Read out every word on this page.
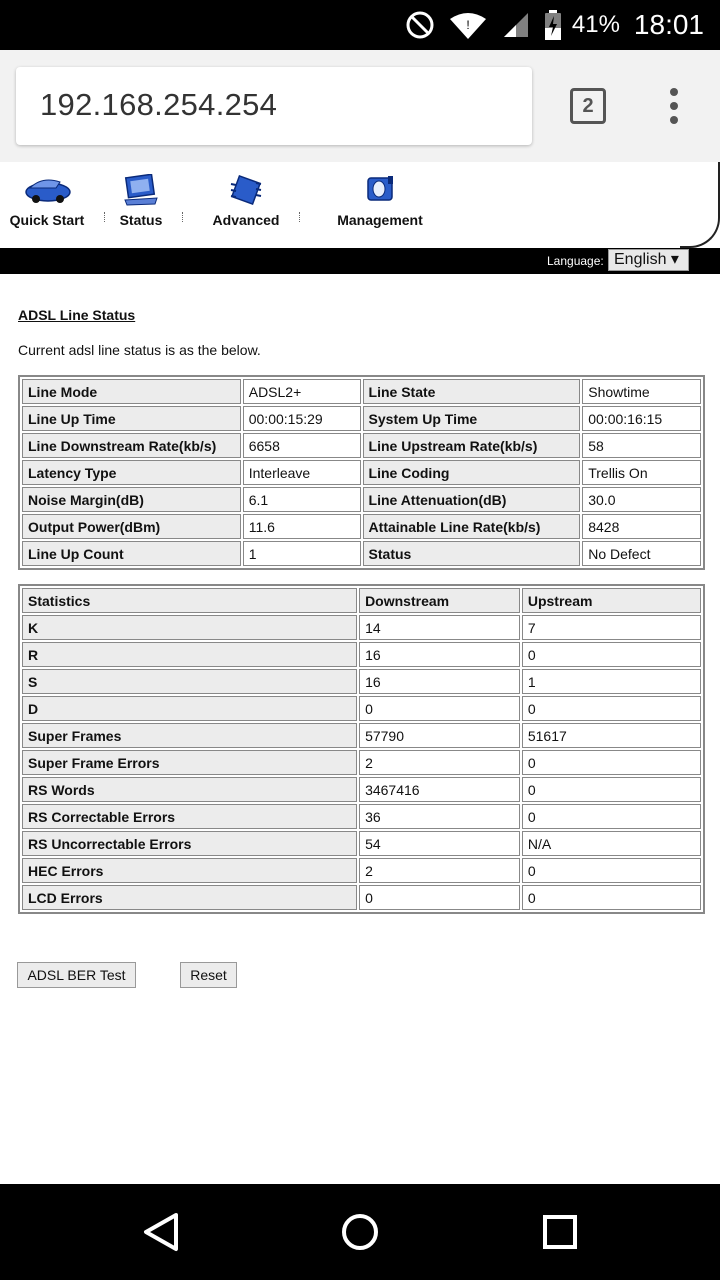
!	41% 18:01
192.168.254.254	2
Quick Start	Status	Advanced	Management
Language: English ▾
ADSL Line Status
Current adsl line status is as the below.
Line Mode	ADSL2+	Line State	Showtime
Line Up Time	00:00:15:29	System Up Time	00:00:16:15
Line Downstream Rate(kb/s)	6658	Line Upstream Rate(kb/s)	58
Latency Type	Interleave	Line Coding	Trellis On
Noise Margin(dB)	6.1	Line Attenuation(dB)	30.0
Output Power(dBm)	11.6	Attainable Line Rate(kb/s)	8428
Line Up Count	1	Status	No Defect
Statistics	Downstream	Upstream
K	14	7
R	16	0
S	16	1
D	0	0
Super Frames	57790	51617
Super Frame Errors	2	0
RS Words	3467416	0
RS Correctable Errors	36	0
RS Uncorrectable Errors	54	N/A
HEC Errors	2	0
LCD Errors	0	0
ADSL BER Test	Reset
